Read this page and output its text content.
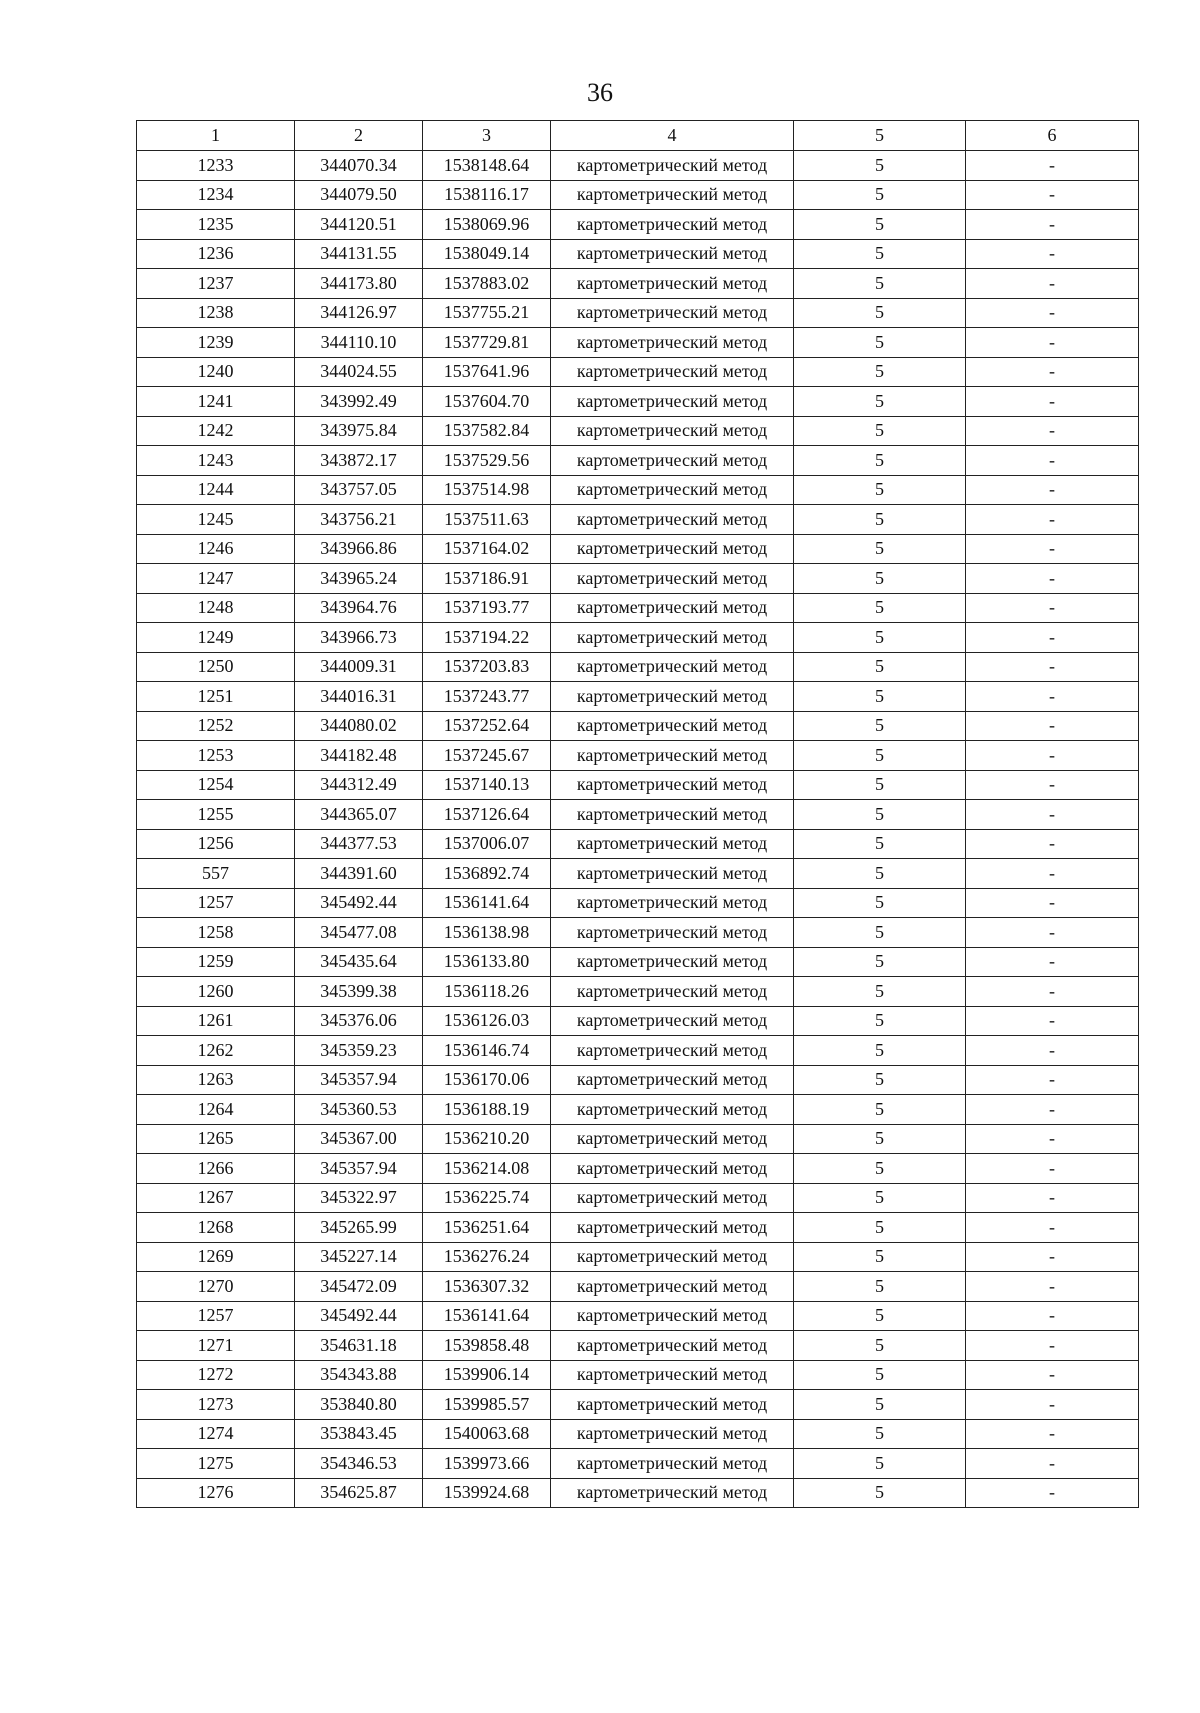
36
1	2	3	4	5	6
1233	344070.34	1538148.64	картометрический метод	5	-
1234	344079.50	1538116.17	картометрический метод	5	-
1235	344120.51	1538069.96	картометрический метод	5	-
1236	344131.55	1538049.14	картометрический метод	5	-
1237	344173.80	1537883.02	картометрический метод	5	-
1238	344126.97	1537755.21	картометрический метод	5	-
1239	344110.10	1537729.81	картометрический метод	5	-
1240	344024.55	1537641.96	картометрический метод	5	-
1241	343992.49	1537604.70	картометрический метод	5	-
1242	343975.84	1537582.84	картометрический метод	5	-
1243	343872.17	1537529.56	картометрический метод	5	-
1244	343757.05	1537514.98	картометрический метод	5	-
1245	343756.21	1537511.63	картометрический метод	5	-
1246	343966.86	1537164.02	картометрический метод	5	-
1247	343965.24	1537186.91	картометрический метод	5	-
1248	343964.76	1537193.77	картометрический метод	5	-
1249	343966.73	1537194.22	картометрический метод	5	-
1250	344009.31	1537203.83	картометрический метод	5	-
1251	344016.31	1537243.77	картометрический метод	5	-
1252	344080.02	1537252.64	картометрический метод	5	-
1253	344182.48	1537245.67	картометрический метод	5	-
1254	344312.49	1537140.13	картометрический метод	5	-
1255	344365.07	1537126.64	картометрический метод	5	-
1256	344377.53	1537006.07	картометрический метод	5	-
557	344391.60	1536892.74	картометрический метод	5	-
1257	345492.44	1536141.64	картометрический метод	5	-
1258	345477.08	1536138.98	картометрический метод	5	-
1259	345435.64	1536133.80	картометрический метод	5	-
1260	345399.38	1536118.26	картометрический метод	5	-
1261	345376.06	1536126.03	картометрический метод	5	-
1262	345359.23	1536146.74	картометрический метод	5	-
1263	345357.94	1536170.06	картометрический метод	5	-
1264	345360.53	1536188.19	картометрический метод	5	-
1265	345367.00	1536210.20	картометрический метод	5	-
1266	345357.94	1536214.08	картометрический метод	5	-
1267	345322.97	1536225.74	картометрический метод	5	-
1268	345265.99	1536251.64	картометрический метод	5	-
1269	345227.14	1536276.24	картометрический метод	5	-
1270	345472.09	1536307.32	картометрический метод	5	-
1257	345492.44	1536141.64	картометрический метод	5	-
1271	354631.18	1539858.48	картометрический метод	5	-
1272	354343.88	1539906.14	картометрический метод	5	-
1273	353840.80	1539985.57	картометрический метод	5	-
1274	353843.45	1540063.68	картометрический метод	5	-
1275	354346.53	1539973.66	картометрический метод	5	-
1276	354625.87	1539924.68	картометрический метод	5	-
